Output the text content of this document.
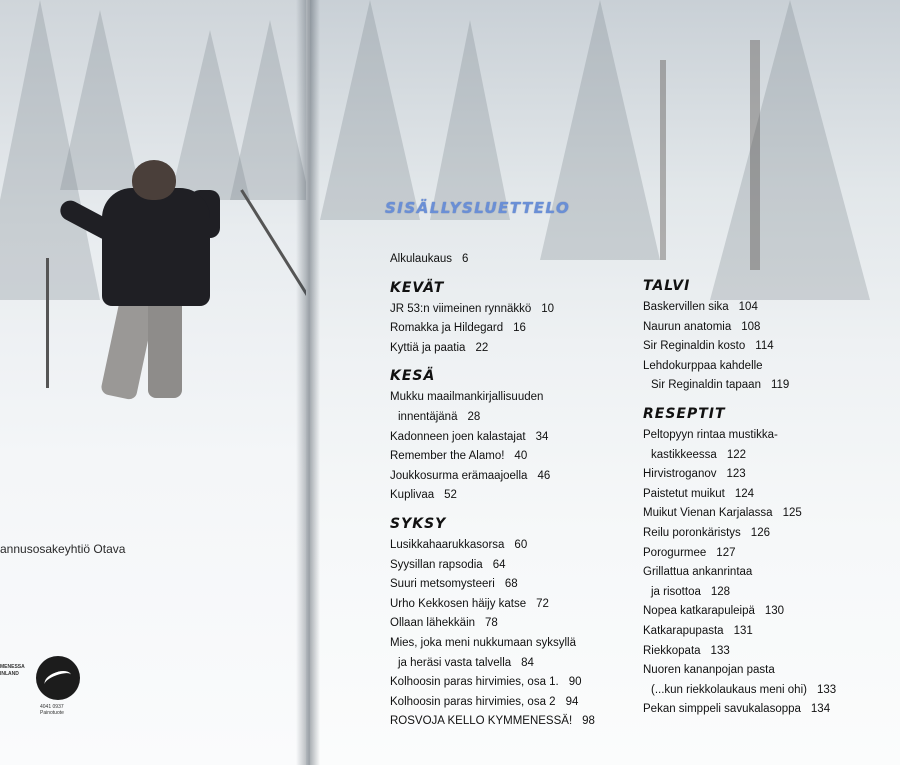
annusosakeyhtiö Otava
MENESSA INLAND
4041 0937 Painotuote
SISÄLLYSLUETTELO
Alkulaukaus 6
KEVÄT
JR 53:n viimeinen rynnäkkö 10
Romakka ja Hildegard 16
Kyttiä ja paatia 22
KESÄ
Mukku maailmankirjallisuuden
innentäjänä 28
Kadonneen joen kalastajat 34
Remember the Alamo! 40
Joukkosurma erämaajoella 46
Kuplivaa 52
SYKSY
Lusikkahaarukkasorsa 60
Syysillan rapsodia 64
Suuri metsomysteeri 68
Urho Kekkosen häijy katse 72
Ollaan lähekkäin 78
Mies, joka meni nukkumaan syksyllä
ja heräsi vasta talvella 84
Kolhoosin paras hirvimies, osa 1. 90
Kolhoosin paras hirvimies, osa 2 94
ROSVOJA KELLO KYMMENESSÄ! 98
TALVI
Baskervillen sika 104
Naurun anatomia 108
Sir Reginaldin kosto 114
Lehdokurppaa kahdelle
Sir Reginaldin tapaan 119
RESEPTIT
Peltopyyn rintaa mustikka-
kastikkeessa 122
Hirvistroganov 123
Paistetut muikut 124
Muikut Vienan Karjalassa 125
Reilu poronkäristys 126
Porogurmee 127
Grillattua ankanrintaa
ja risottoa 128
Nopea katkarapuleipä 130
Katkarapupasta 131
Riekkopata 133
Nuoren kananpojan pasta
(...kun riekkolaukaus meni ohi) 133
Pekan simppeli savukalasoppa 134
